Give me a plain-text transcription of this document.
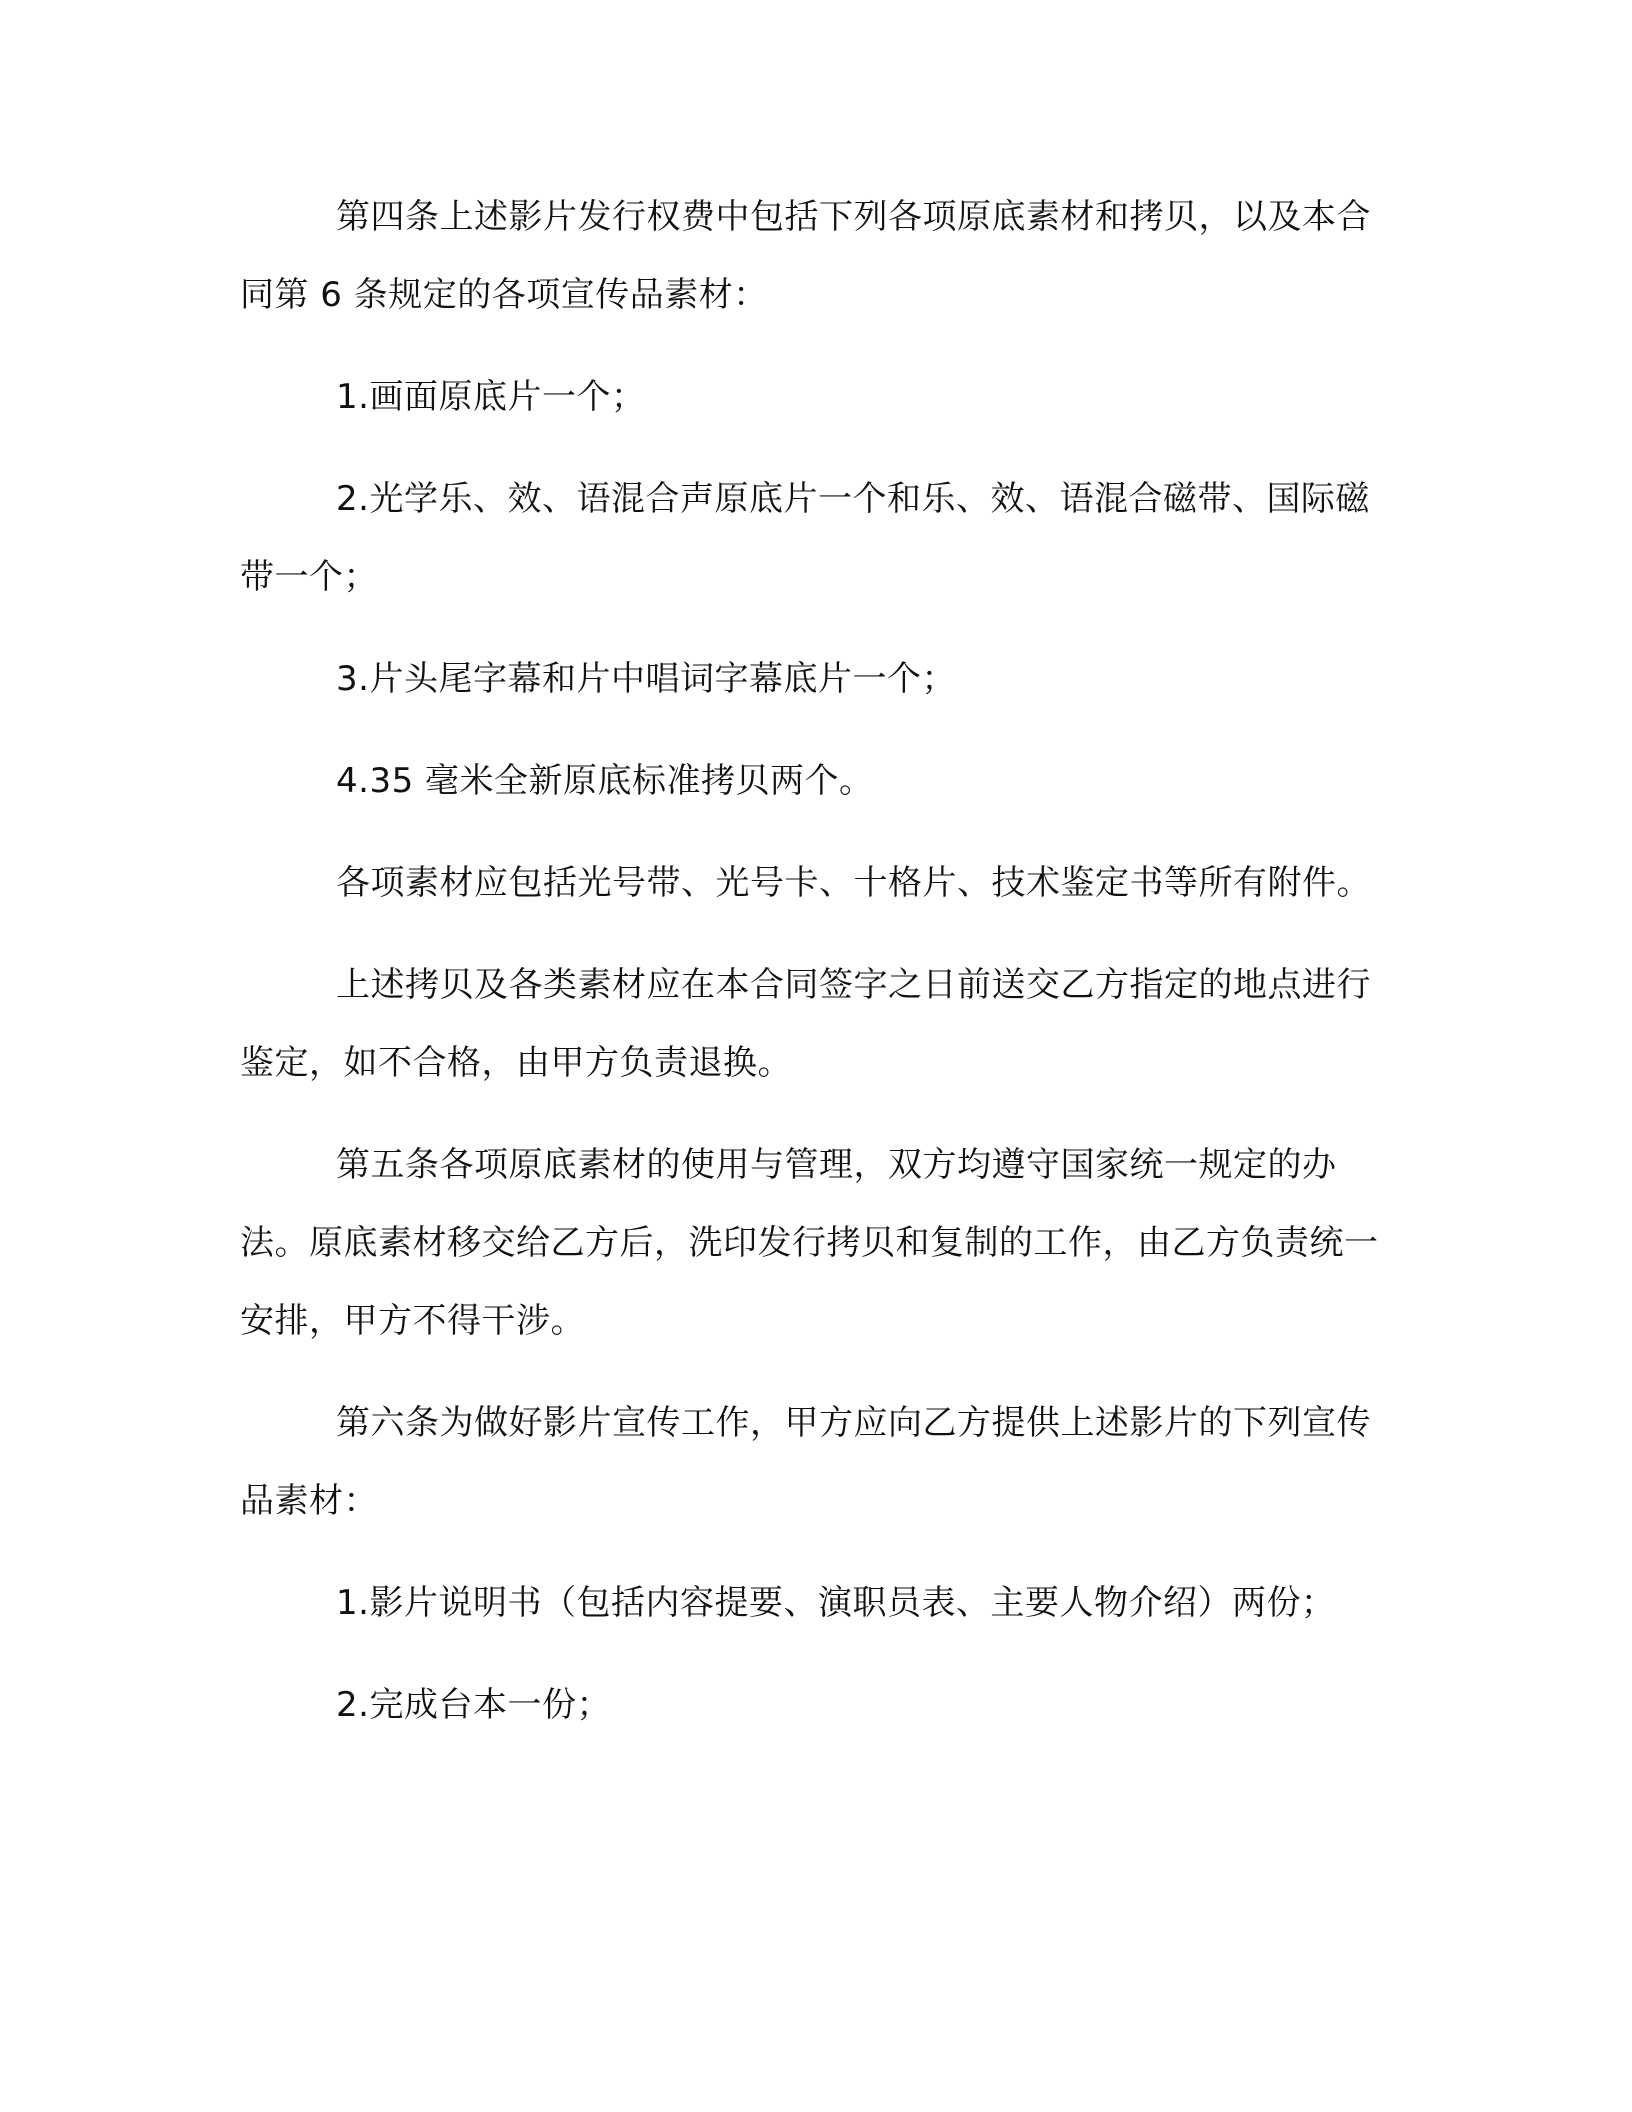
第四条上述影片发行权费中包括下列各项原底素材和拷贝，以及本合同第 6 条规定的各项宣传品素材：

1.画面原底片一个；

2.光学乐、效、语混合声原底片一个和乐、效、语混合磁带、国际磁带一个；

3.片头尾字幕和片中唱词字幕底片一个；

4.35 毫米全新原底标准拷贝两个。

各项素材应包括光号带、光号卡、十格片、技术鉴定书等所有附件。

上述拷贝及各类素材应在本合同签字之日前送交乙方指定的地点进行鉴定，如不合格，由甲方负责退换。

第五条各项原底素材的使用与管理，双方均遵守国家统一规定的办法。原底素材移交给乙方后，洗印发行拷贝和复制的工作，由乙方负责统一安排，甲方不得干涉。

第六条为做好影片宣传工作，甲方应向乙方提供上述影片的下列宣传品素材：

1.影片说明书（包括内容提要、演职员表、主要人物介绍）两份；

2.完成台本一份；
